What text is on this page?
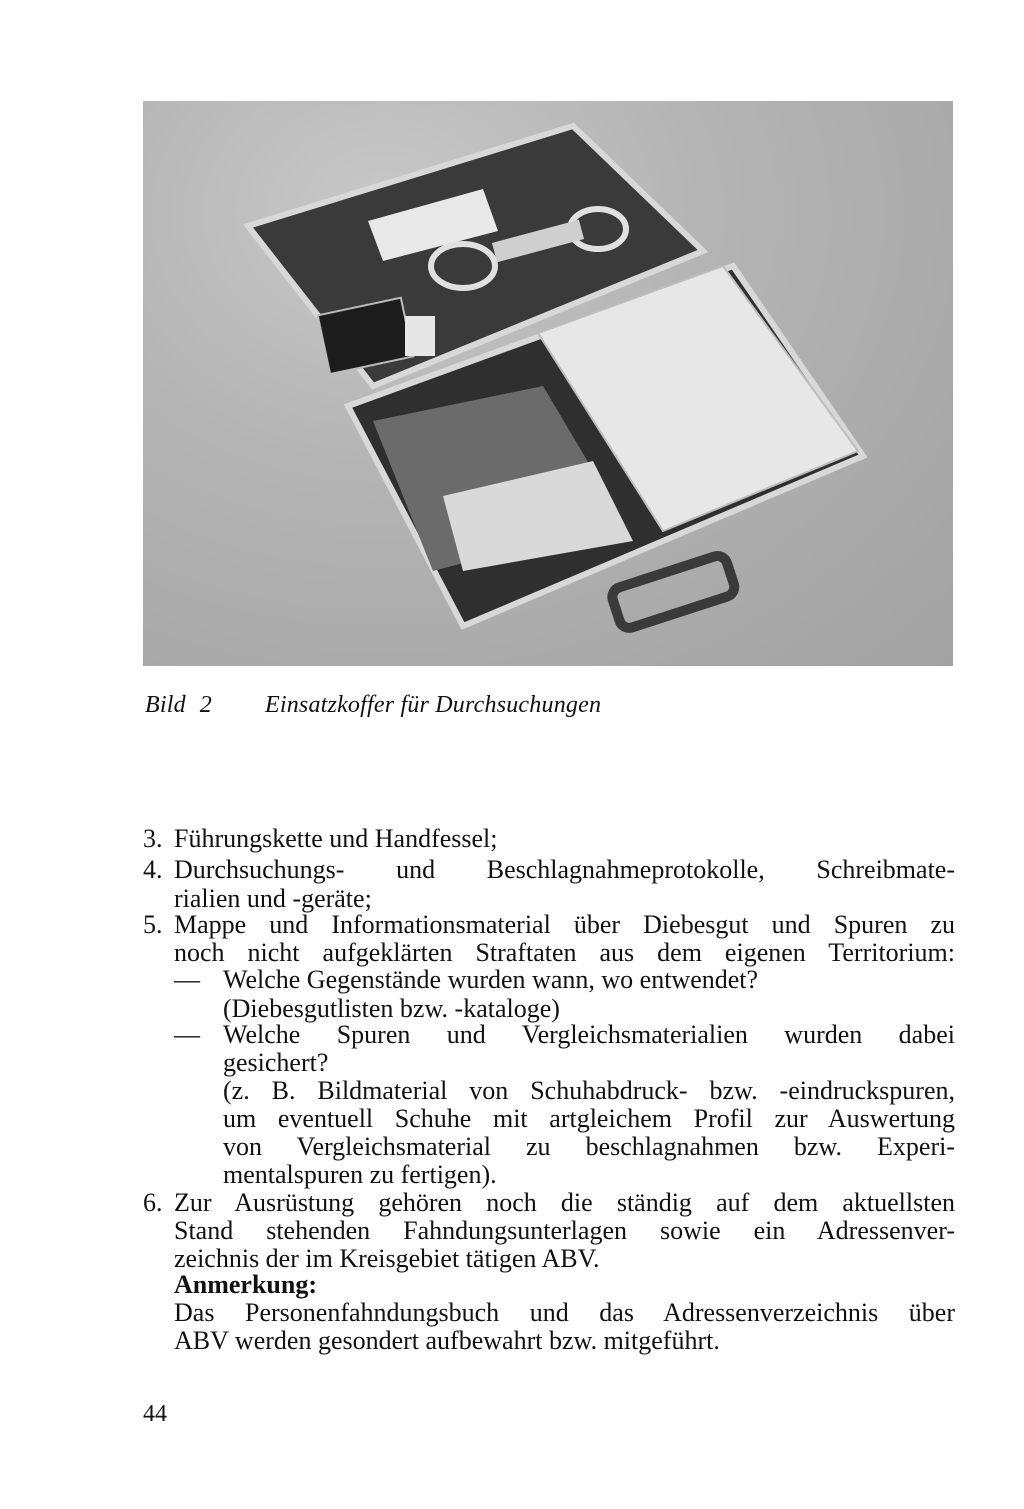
Bild 2 Einsatzkoffer für Durchsuchungen
3. Führungskette und Handfessel;
4. Durchsuchungs- und Beschlagnahmeprotokolle, Schreibmate-
rialien und -geräte;
5. Mappe und Informationsmaterial über Diebesgut und Spuren zu
noch nicht aufgeklärten Straftaten aus dem eigenen Territorium:
— Welche Gegenstände wurden wann, wo entwendet?
(Diebesgutlisten bzw. -kataloge)
— Welche Spuren und Vergleichsmaterialien wurden dabei
gesichert?
(z. B. Bildmaterial von Schuhabdruck- bzw. -eindruckspuren,
um eventuell Schuhe mit artgleichem Profil zur Auswertung
von Vergleichsmaterial zu beschlagnahmen bzw. Experi-
mentalspuren zu fertigen).
6. Zur Ausrüstung gehören noch die ständig auf dem aktuellsten
Stand stehenden Fahndungsunterlagen sowie ein Adressenver-
zeichnis der im Kreisgebiet tätigen ABV.
Anmerkung:
Das Personenfahndungsbuch und das Adressenverzeichnis über
ABV werden gesondert aufbewahrt bzw. mitgeführt.
44
